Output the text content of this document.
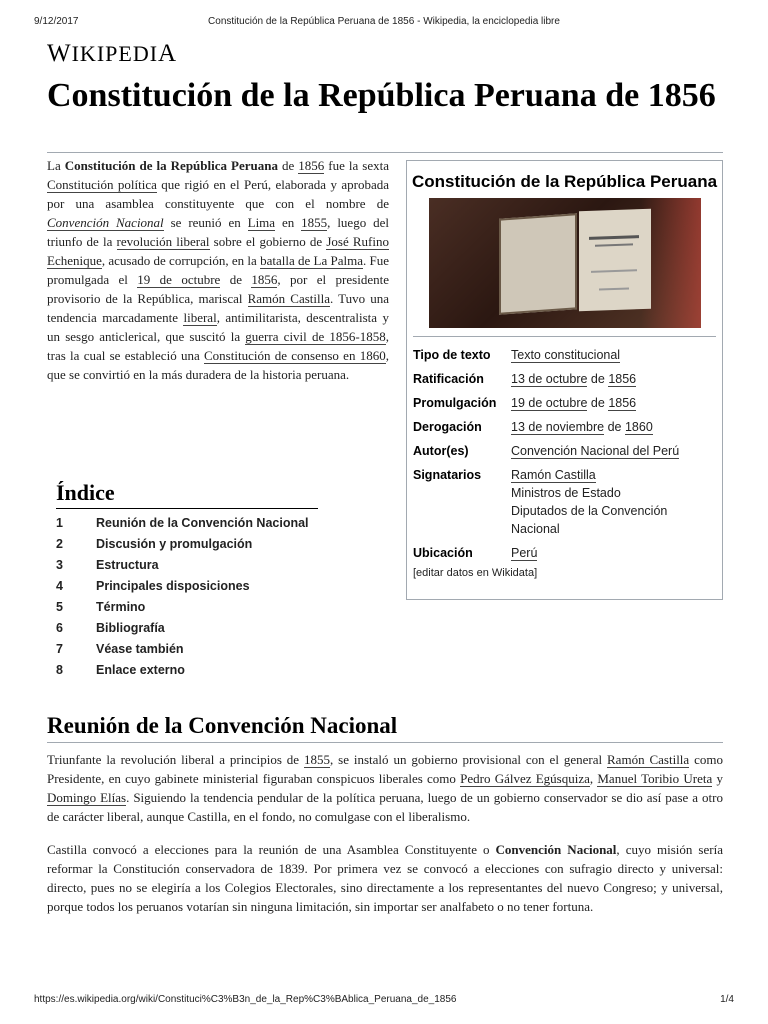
9/12/2017	Constitución de la República Peruana de 1856 - Wikipedia, la enciclopedia libre
WIKIPEDIA
Constitución de la República Peruana de 1856

La Constitución de la República Peruana de 1856 fue la sexta Constitución política que rigió en el Perú, elaborada y aprobada por una asamblea constituyente que con el nombre de Convención Nacional se reunió en Lima en 1855, luego del triunfo de la revolución liberal sobre el gobierno de José Rufino Echenique, acusado de corrupción, en la batalla de La Palma. Fue promulgada el 19 de octubre de 1856, por el presidente provisorio de la República, mariscal Ramón Castilla. Tuvo una tendencia marcadamente liberal, antimilitarista, descentralista y un sesgo anticlerical, que suscitó la guerra civil de 1856-1858, tras la cual se estableció una Constitución de consenso en 1860, que se convirtió en la más duradera de la historia peruana.

Constitución de la República Peruana
Tipo de texto	Texto constitucional
Ratificación	13 de octubre de 1856
Promulgación	19 de octubre de 1856
Derogación	13 de noviembre de 1860
Autor(es)	Convención Nacional del Perú
Signatarios	Ramón Castilla
Ministros de Estado
Diputados de la Convención Nacional
Ubicación	Perú
[editar datos en Wikidata]
Índice
1	Reunión de la Convención Nacional
2	Discusión y promulgación
3	Estructura
4	Principales disposiciones
5	Término
6	Bibliografía
7	Véase también
8	Enlace externo
Reunión de la Convención Nacional

Triunfante la revolución liberal a principios de 1855, se instaló un gobierno provisional con el general Ramón Castilla como Presidente, en cuyo gabinete ministerial figuraban conspicuos liberales como Pedro Gálvez Egúsquiza, Manuel Toribio Ureta y Domingo Elías. Siguiendo la tendencia pendular de la política peruana, luego de un gobierno conservador se dio así pase a otro de carácter liberal, aunque Castilla, en el fondo, no comulgase con el liberalismo.

Castilla convocó a elecciones para la reunión de una Asamblea Constituyente o Convención Nacional, cuyo misión sería reformar la Constitución conservadora de 1839. Por primera vez se convocó a elecciones con sufragio directo y universal: directo, pues no se elegiría a los Colegios Electorales, sino directamente a los representantes del nuevo Congreso; y universal, porque todos los peruanos votarían sin ninguna limitación, sin importar ser analfabeto o no tener fortuna.

https://es.wikipedia.org/wiki/Constituci%C3%B3n_de_la_Rep%C3%BAblica_Peruana_de_1856	1/4
